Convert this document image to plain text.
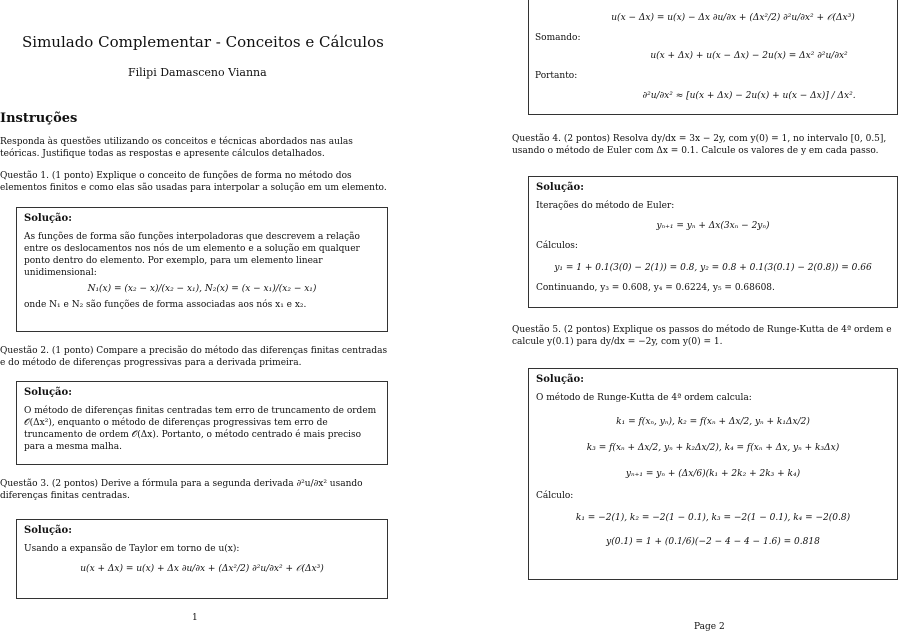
Simulado Complementar - Conceitos e Cálculos
Filipi Damasceno Vianna
Instruções
Responda às questões utilizando os conceitos e técnicas abordados nas aulas teóricas. Justifique todas as respostas e apresente cálculos detalhados.
Questão 1. (1 ponto) Explique o conceito de funções de forma no método dos elementos finitos e como elas são usadas para interpolar a solução em um elemento.
Solução:
As funções de forma são funções interpoladoras que descrevem a relação entre os deslocamentos nos nós de um elemento e a solução em qualquer ponto dentro do elemento. Por exemplo, para um elemento linear unidimensional:
N₁(x) = (x₂ − x)/(x₂ − x₁), N₂(x) = (x − x₁)/(x₂ − x₁)
onde N₁ e N₂ são funções de forma associadas aos nós x₁ e x₂.
Questão 2. (1 ponto) Compare a precisão do método das diferenças finitas centradas e do método de diferenças progressivas para a derivada primeira.
Solução:
O método de diferenças finitas centradas tem erro de truncamento de ordem 𝒪(Δx²), enquanto o método de diferenças progressivas tem erro de truncamento de ordem 𝒪(Δx). Portanto, o método centrado é mais preciso para a mesma malha.
Questão 3. (2 pontos) Derive a fórmula para a segunda derivada ∂²u/∂x² usando diferenças finitas centradas.
Solução:
Usando a expansão de Taylor em torno de u(x):
u(x + Δx) = u(x) + Δx ∂u/∂x + (Δx²/2) ∂²u/∂x² + 𝒪(Δx³)
1
u(x − Δx) = u(x) − Δx ∂u/∂x + (Δx²/2) ∂²u/∂x² + 𝒪(Δx³)
Somando:
u(x + Δx) + u(x − Δx) − 2u(x) = Δx² ∂²u/∂x²
Portanto:
∂²u/∂x² ≈ [u(x + Δx) − 2u(x) + u(x − Δx)] / Δx².
Questão 4. (2 pontos) Resolva dy/dx = 3x − 2y, com y(0) = 1, no intervalo [0, 0.5], usando o método de Euler com Δx = 0.1. Calcule os valores de y em cada passo.
Solução:
Iterações do método de Euler:
yₙ₊₁ = yₙ + Δx(3xₙ − 2yₙ)
Cálculos:
y₁ = 1 + 0.1(3(0) − 2(1)) = 0.8, y₂ = 0.8 + 0.1(3(0.1) − 2(0.8)) = 0.66
Continuando, y₃ = 0.608, y₄ = 0.6224, y₅ = 0.68608.
Questão 5. (2 pontos) Explique os passos do método de Runge-Kutta de 4ª ordem e calcule y(0.1) para dy/dx = −2y, com y(0) = 1.
Solução:
O método de Runge-Kutta de 4ª ordem calcula:
k₁ = f(xₙ, yₙ), k₂ = f(xₙ + Δx/2, yₙ + k₁Δx/2)
k₃ = f(xₙ + Δx/2, yₙ + k₂Δx/2), k₄ = f(xₙ + Δx, yₙ + k₃Δx)
yₙ₊₁ = yₙ + (Δx/6)(k₁ + 2k₂ + 2k₃ + k₄)
Cálculo:
k₁ = −2(1), k₂ = −2(1 − 0.1), k₃ = −2(1 − 0.1), k₄ = −2(0.8)
y(0.1) = 1 + (0.1/6)(−2 − 4 − 4 − 1.6) = 0.818
Page 2
